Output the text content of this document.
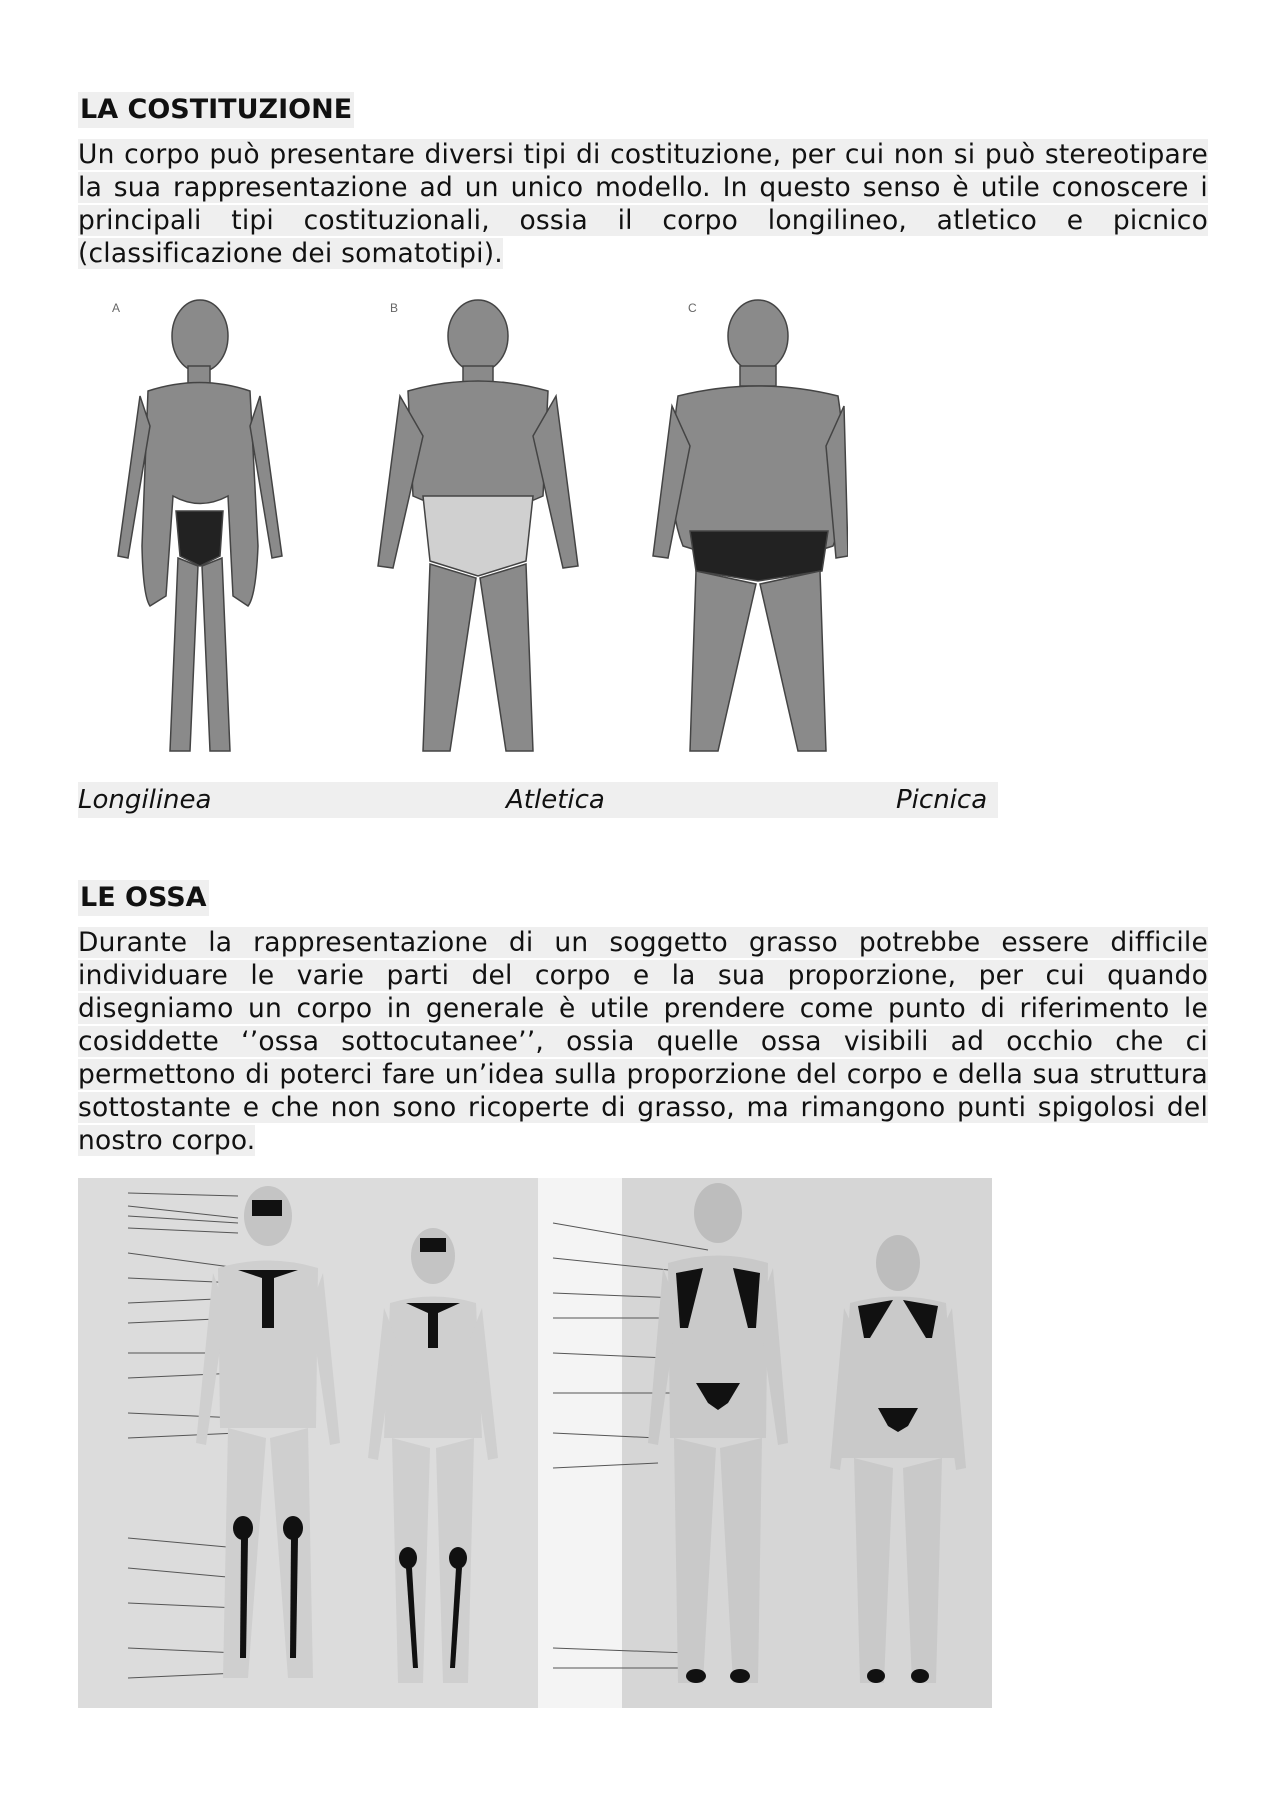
LA COSTITUZIONE

Un corpo può presentare diversi tipi di costituzione, per cui non si può stereotipare la sua rappresentazione ad un unico modello. In questo senso è utile conoscere i principali tipi costituzionali, ossia il corpo longilineo, atletico e picnico (classificazione dei somatotipi).

A	B	C
Longilinea	Atletica	Picnica
LE OSSA

Durante la rappresentazione di un soggetto grasso potrebbe essere difficile individuare le varie parti del corpo e la sua proporzione, per cui quando disegniamo un corpo in generale è utile prendere come punto di riferimento le cosiddette ‘’ossa sottocutanee’’, ossia quelle ossa visibili ad occhio che ci permettono di poterci fare un’idea sulla proporzione del corpo e della sua struttura sottostante e che non sono ricoperte di grasso, ma rimangono punti spigolosi del nostro corpo.
